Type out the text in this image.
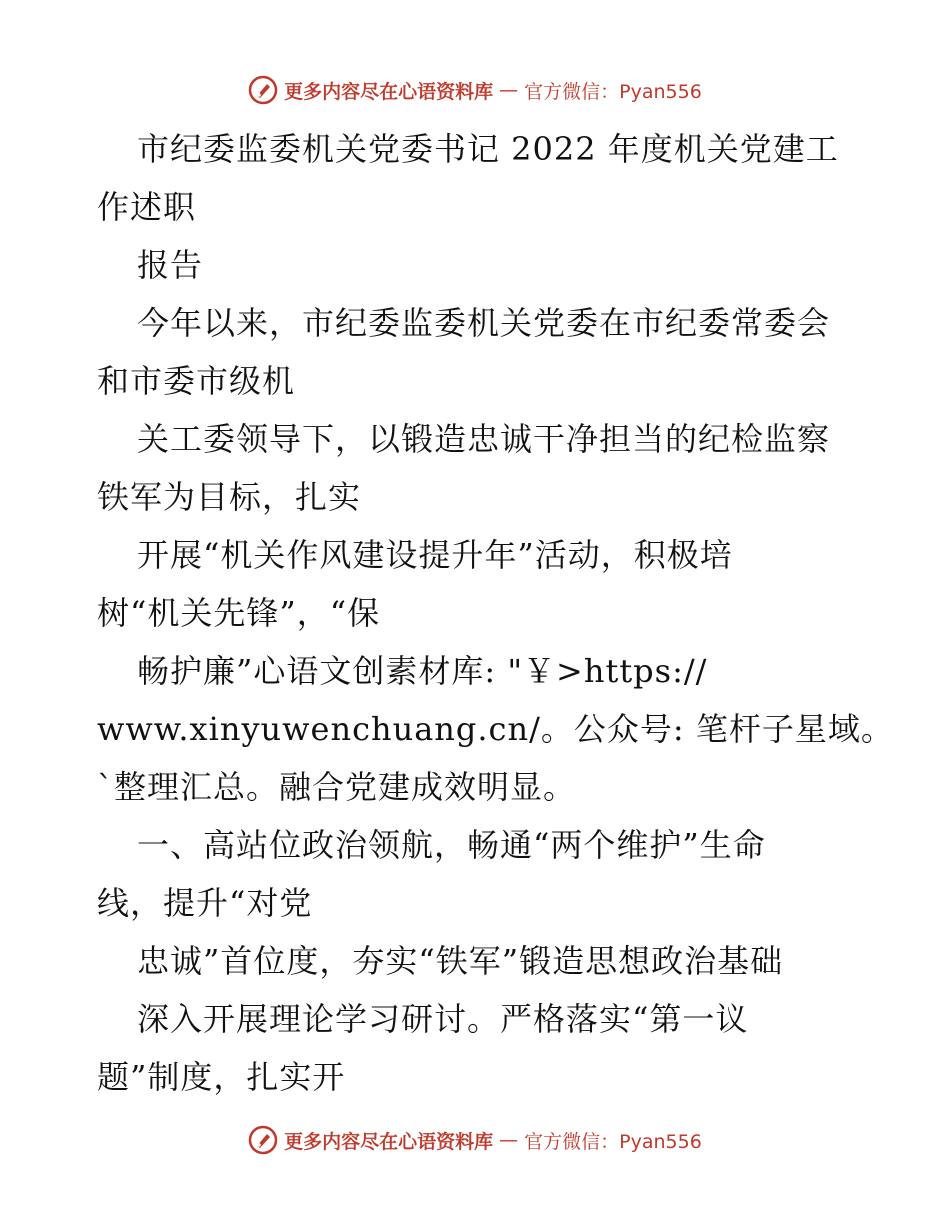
更多内容尽在心语资料库 — 官方微信：Pyan556
市纪委监委机关党委书记 2022 年度机关党建工
作述职
报告
今年以来，市纪委监委机关党委在市纪委常委会
和市委市级机
关工委领导下，以锻造忠诚干净担当的纪检监察
铁军为目标，扎实
开展“机关作风建设提升年”活动，积极培
树“机关先锋”，“保
畅护廉”心语文创素材库: "￥>https://
www.xinyuwenchuang.cn/。公众号: 笔杆子星域。
`整理汇总。融合党建成效明显。
一、高站位政治领航，畅通“两个维护”生命
线，提升“对党
忠诚”首位度，夯实“铁军”锻造思想政治基础
深入开展理论学习研讨。严格落实“第一议
题”制度，扎实开
更多内容尽在心语资料库 — 官方微信：Pyan556
